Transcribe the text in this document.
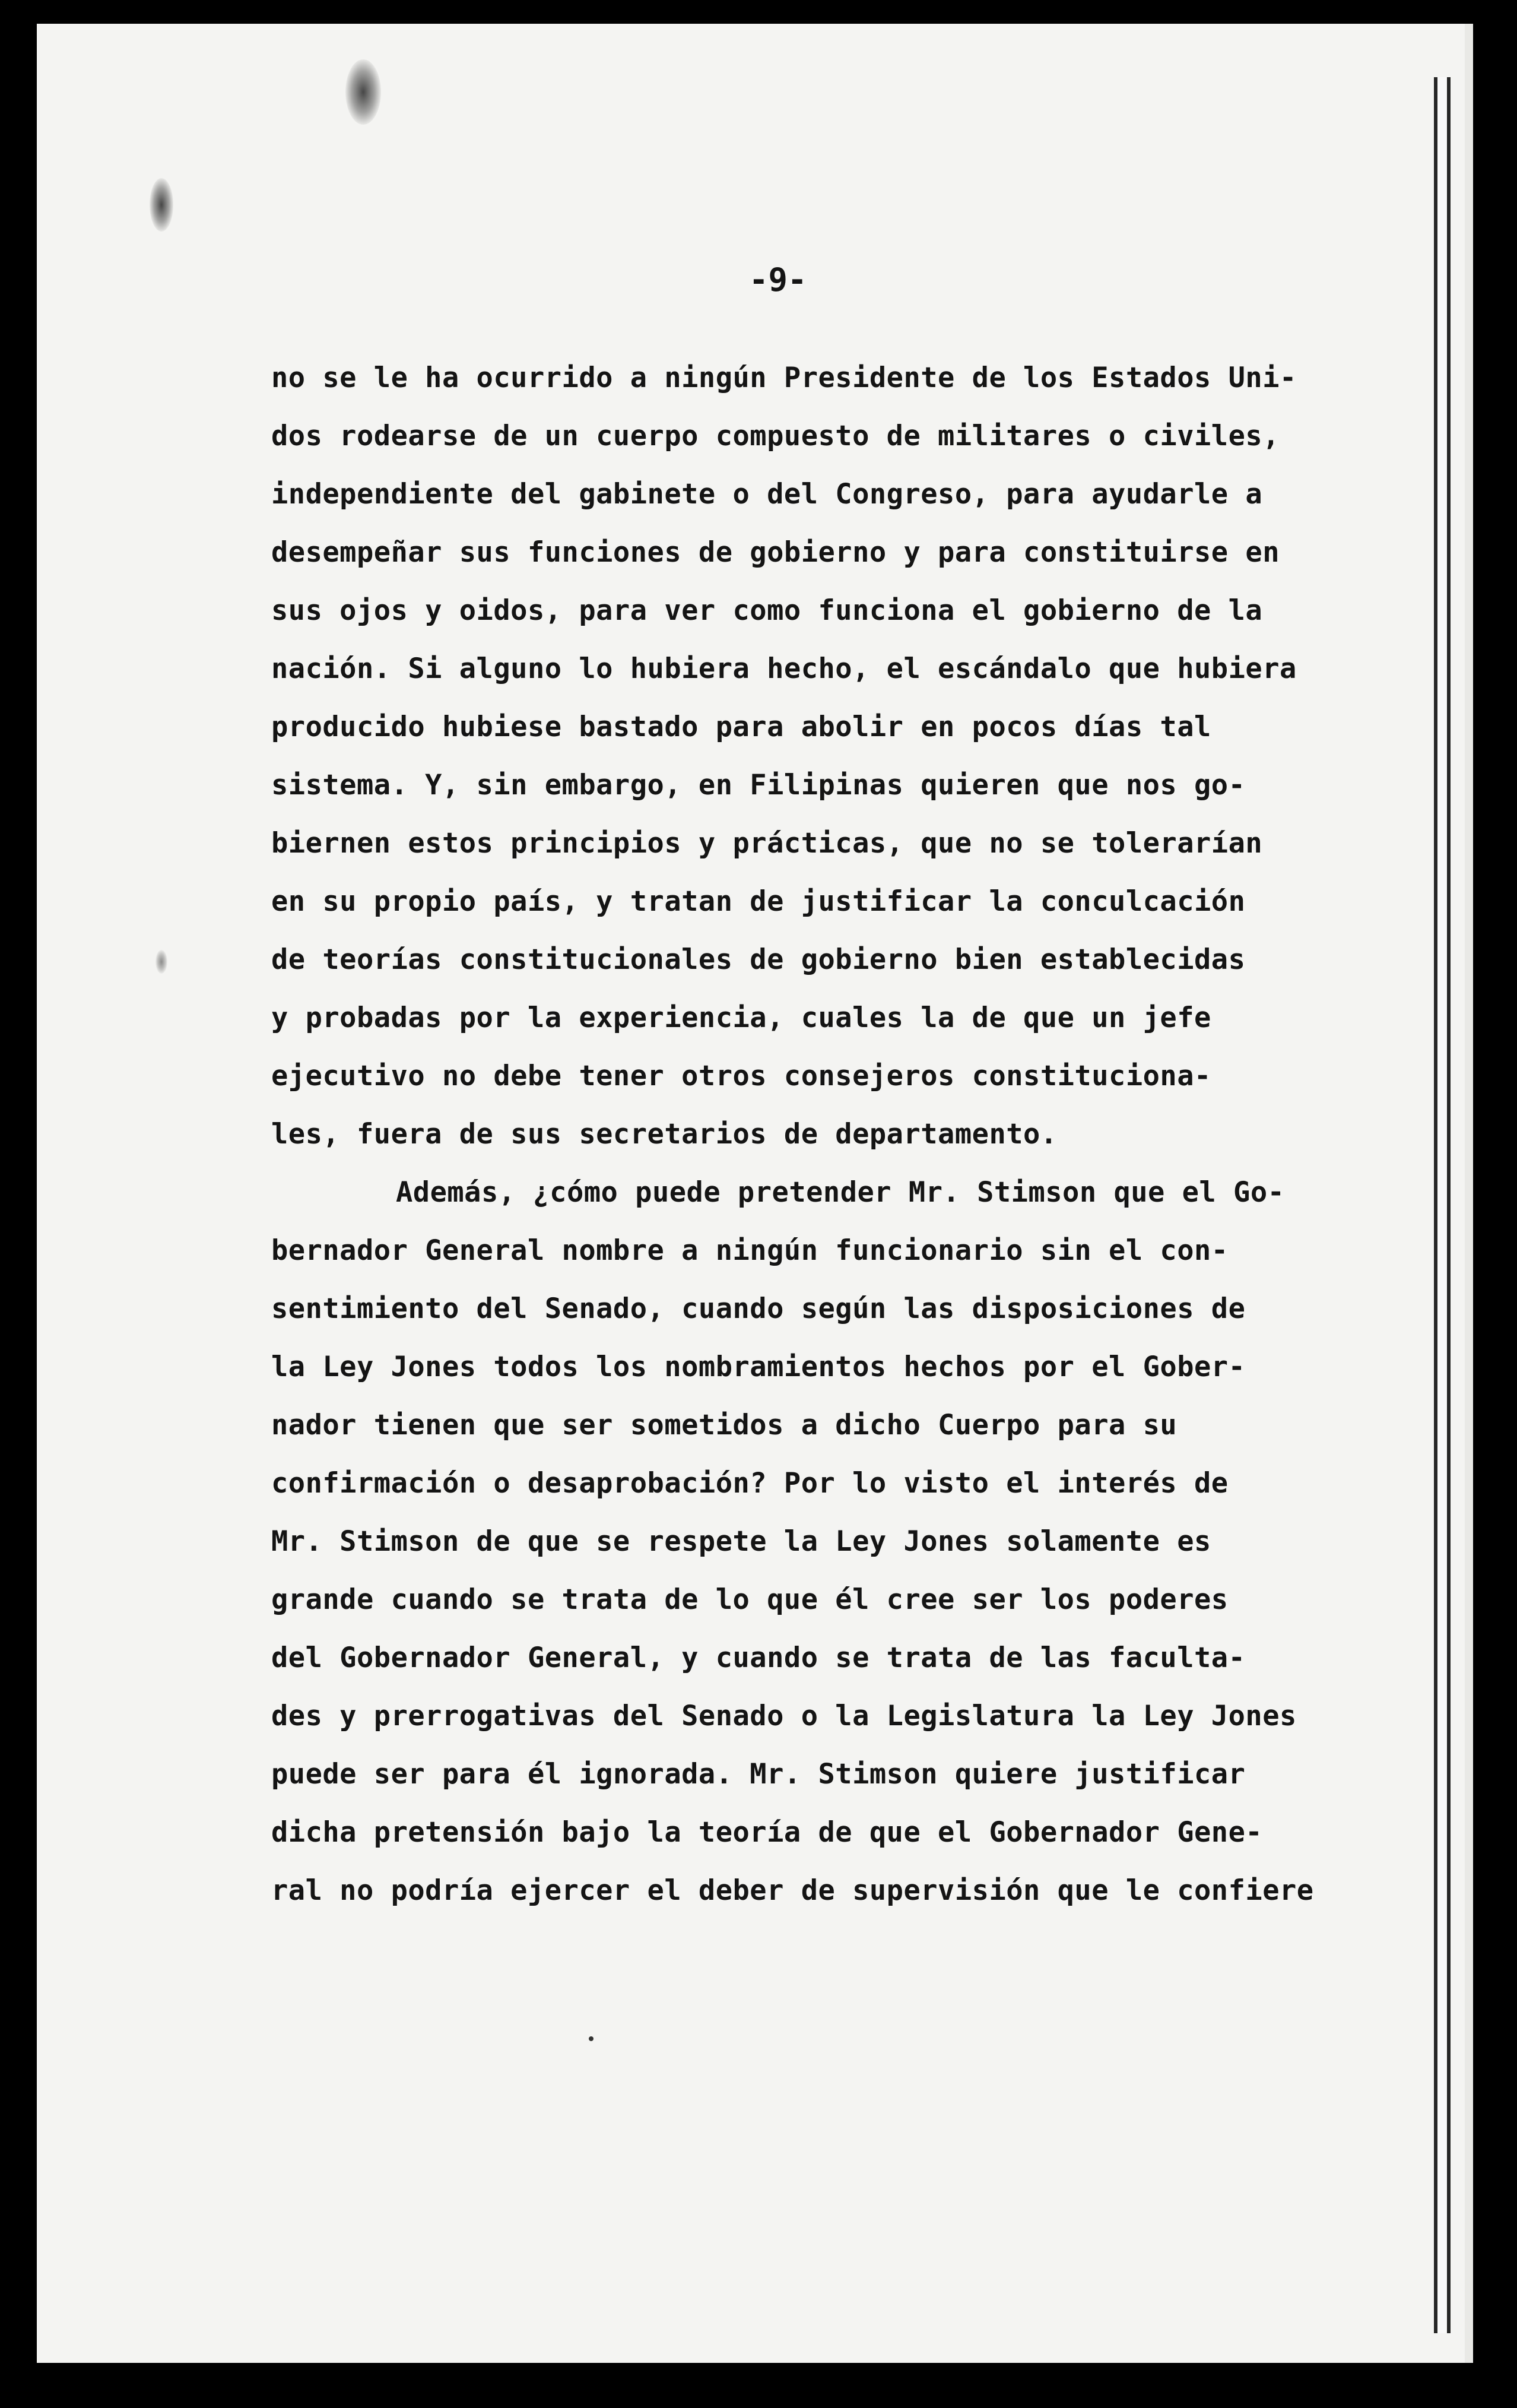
-9-
no se le ha ocurrido a ningún Presidente de los Estados Uni-
dos rodearse de un cuerpo compuesto de militares o civiles,
independiente del gabinete o del Congreso, para ayudarle a
desempeñar sus funciones de gobierno y para constituirse en
sus ojos y oidos, para ver como funciona el gobierno de la
nación. Si alguno lo hubiera hecho, el escándalo que hubiera
producido hubiese bastado para abolir en pocos días tal
sistema. Y, sin embargo, en Filipinas quieren que nos go-
biernen estos principios y prácticas, que no se tolerarían
en su propio país, y tratan de justificar la conculcación
de teorías constitucionales de gobierno bien establecidas
y probadas por la experiencia, cuales la de que un jefe
ejecutivo no debe tener otros consejeros constituciona-
les, fuera de sus secretarios de departamento.
Además, ¿cómo puede pretender Mr. Stimson que el Go-
bernador General nombre a ningún funcionario sin el con-
sentimiento del Senado, cuando según las disposiciones de
la Ley Jones todos los nombramientos hechos por el Gober-
nador tienen que ser sometidos a dicho Cuerpo para su
confirmación o desaprobación? Por lo visto el interés de
Mr. Stimson de que se respete la Ley Jones solamente es
grande cuando se trata de lo que él cree ser los poderes
del Gobernador General, y cuando se trata de las faculta-
des y prerrogativas del Senado o la Legislatura la Ley Jones
puede ser para él ignorada. Mr. Stimson quiere justificar
dicha pretensión bajo la teoría de que el Gobernador Gene-
ral no podría ejercer el deber de supervisión que le confiere
